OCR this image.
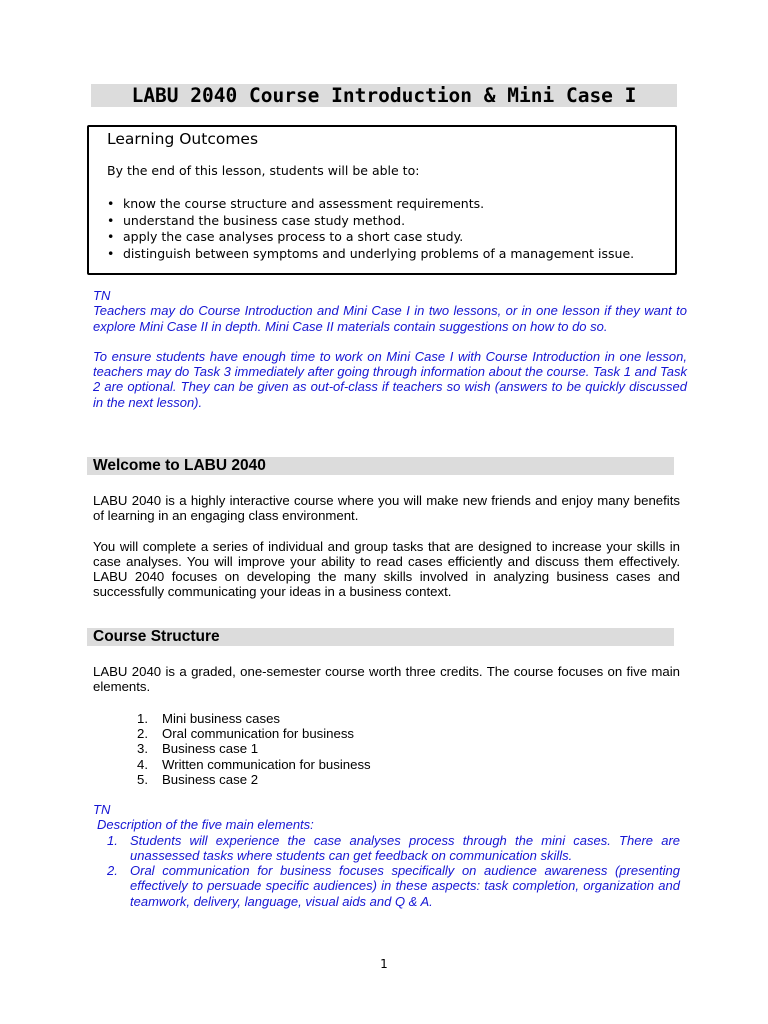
LABU 2040 Course Introduction & Mini Case I
Learning Outcomes
By the end of this lesson, students will be able to:
• know the course structure and assessment requirements.
• understand the business case study method.
• apply the case analyses process to a short case study.
• distinguish between symptoms and underlying problems of a management issue.

TN

Teachers may do Course Introduction and Mini Case I in two lessons, or in one lesson if they want to explore Mini Case II in depth. Mini Case II materials contain suggestions on how to do so.

To ensure students have enough time to work on Mini Case I with Course Introduction in one lesson, teachers may do Task 3 immediately after going through information about the course. Task 1 and Task 2 are optional. They can be given as out-of-class if teachers so wish (answers to be quickly discussed in the next lesson).

Welcome to LABU 2040

LABU 2040 is a highly interactive course where you will make new friends and enjoy many benefits of learning in an engaging class environment.

You will complete a series of individual and group tasks that are designed to increase your skills in case analyses. You will improve your ability to read cases efficiently and discuss them effectively. LABU 2040 focuses on developing the many skills involved in analyzing business cases and successfully communicating your ideas in a business context.

Course Structure

LABU 2040 is a graded, one-semester course worth three credits. The course focuses on five main elements.

1. Mini business cases
2. Oral communication for business
3. Business case 1
4. Written communication for business
5. Business case 2

TN

Description of the five main elements:

1. Students will experience the case analyses process through the mini cases. There are unassessed tasks where students can get feedback on communication skills.
2. Oral communication for business focuses specifically on audience awareness (presenting effectively to persuade specific audiences) in these aspects: task completion, organization and teamwork, delivery, language, visual aids and Q & A.
1
